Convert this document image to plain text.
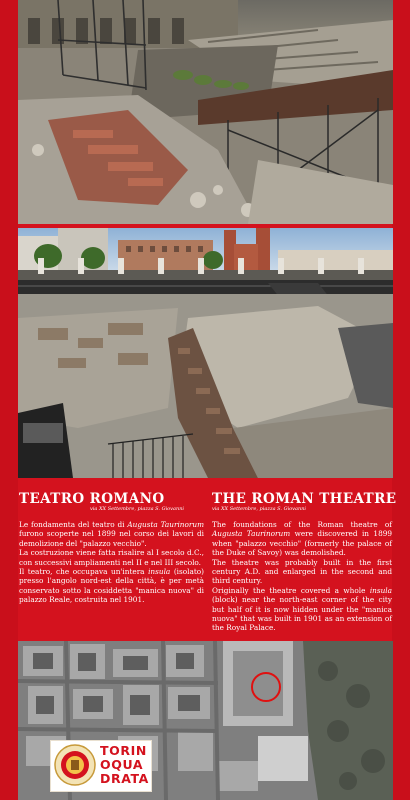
TEATRO ROMANO
via XX Settembre, piazza S. Giovanni
THE ROMAN THEATRE
via XX Settembre, piazza S. Giovanni

Le fondamenta del teatro di Augusta Taurinorum furono scoperte nel 1899 nel corso dei lavori di demolizione del "palazzo vecchio".

La costruzione viene fatta risalire al I secolo d.C., con successivi ampliamenti nel II e nel III secolo.

Il teatro, che occupava un'intera insula (isolato) presso l'angolo nord-est della città, è per metà conservato sotto la cosiddetta "manica nuova" di palazzo Reale, costruita nel 1901.

The foundations of the Roman theatre of Augusta Taurinorum were discovered in 1899 when "palazzo vecchio" (formerly the palace of the Duke of Savoy) was demolished.

The theatre was probably built in the first century A.D. and enlarged in the second and third century.

Originally the theatre covered a whole insula (block) near the north-east corner of the city but half of it is now hidden under the "manica nuova" that was built in 1901 as an extension of the Royal Palace.

TORIN
OQUA
DRATA
